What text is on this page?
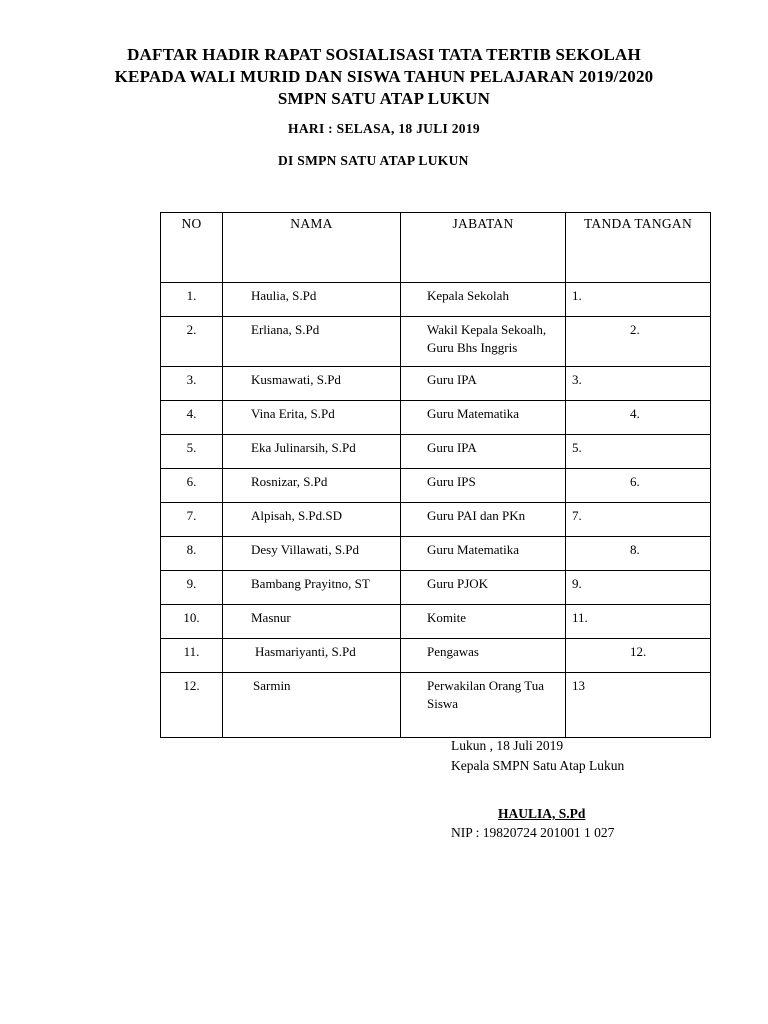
DAFTAR HADIR RAPAT SOSIALISASI TATA TERTIB SEKOLAH
KEPADA WALI MURID DAN SISWA TAHUN PELAJARAN 2019/2020
SMPN SATU ATAP LUKUN
HARI : SELASA, 18 JULI 2019
DI SMPN SATU ATAP LUKUN
NO	NAMA	JABATAN	TANDA TANGAN

1.	Haulia, S.Pd	Kepala Sekolah	1.

2.	Erliana, S.Pd	Wakil Kepala Sekoalh, Guru Bhs Inggris	2.

3.	Kusmawati, S.Pd	Guru IPA	3.

4.	Vina Erita, S.Pd	Guru Matematika	4.

5.	Eka Julinarsih, S.Pd	Guru IPA	5.

6.	Rosnizar, S.Pd	Guru IPS	6.

7.	Alpisah, S.Pd.SD	Guru PAI dan PKn	7.

8.	Desy Villawati, S.Pd	Guru Matematika	8.

9.	Bambang Prayitno, ST	Guru PJOK	9.

10.	Masnur	Komite	11.

11.	Hasmariyanti, S.Pd	Pengawas	12.

12.	Sarmin	Perwakilan Orang Tua Siswa	13
Lukun , 18 Juli 2019
Kepala SMPN Satu Atap Lukun
HAULIA, S.Pd
NIP : 19820724 201001 1 027
